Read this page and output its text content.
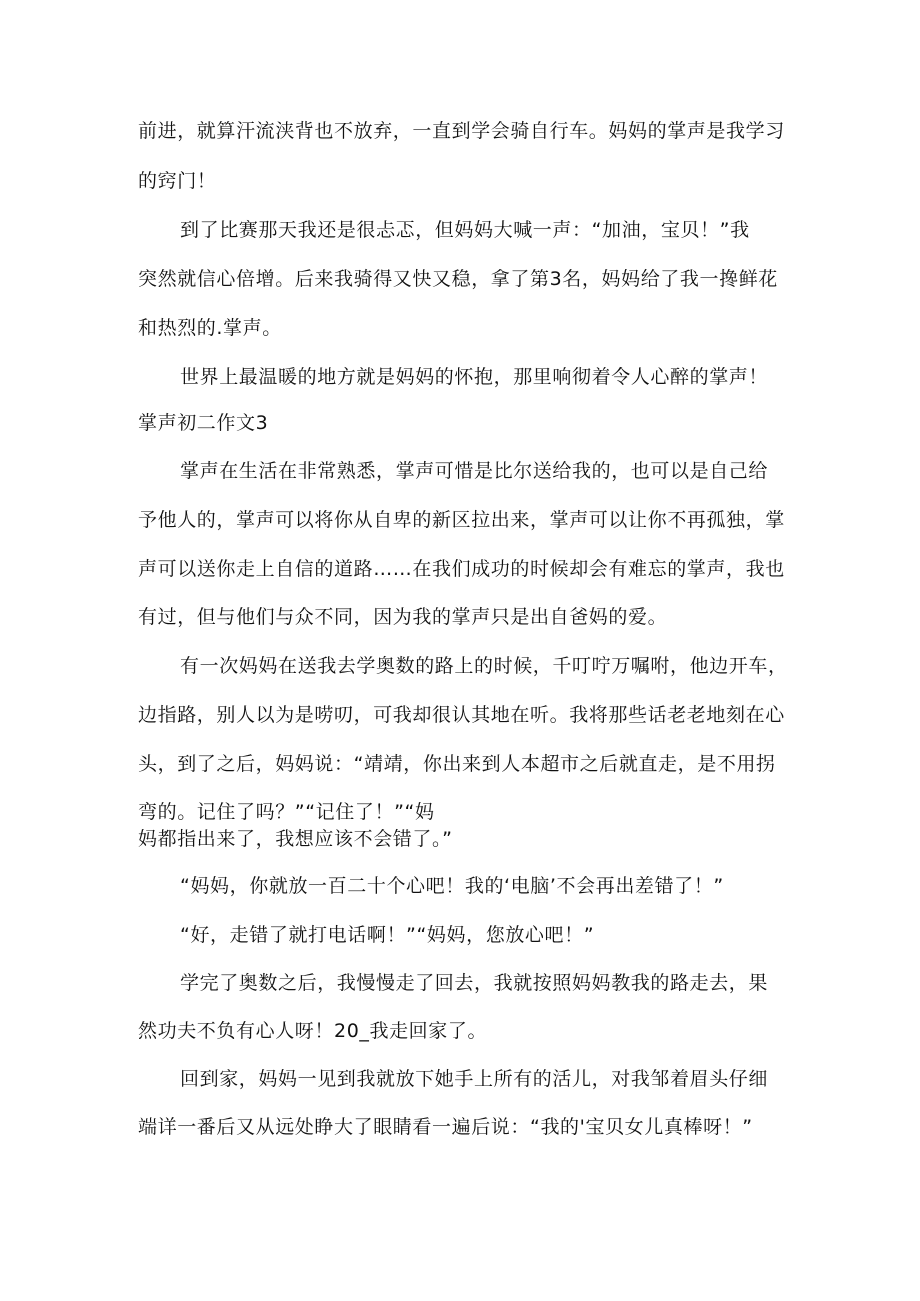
前进，就算汗流浃背也不放弃，一直到学会骑自行车。妈妈的掌声是我学习
的窍门！
到了比赛那天我还是很忐忑，但妈妈大喊一声：“加油，宝贝！”我
突然就信心倍增。后来我骑得又快又稳，拿了第3名，妈妈给了我一搀鲜花
和热烈的.掌声。
世界上最温暖的地方就是妈妈的怀抱，那里响彻着令人心醉的掌声！
掌声初二作文3
掌声在生活在非常熟悉，掌声可惜是比尔送给我的，也可以是自己给
予他人的，掌声可以将你从自卑的新区拉出来，掌声可以让你不再孤独，掌
声可以送你走上自信的道路……在我们成功的时候却会有难忘的掌声，我也
有过，但与他们与众不同，因为我的掌声只是出自爸妈的爱。
有一次妈妈在送我去学奥数的路上的时候，千叮咛万嘱咐，他边开车，
边指路，别人以为是唠叨，可我却很认其地在听。我将那些话老老地刻在心
头，到了之后，妈妈说：“靖靖，你出来到人本超市之后就直走，是不用拐
弯的。记住了吗？”“记住了！”“妈
妈都指出来了，我想应该不会错了。”
“妈妈，你就放一百二十个心吧！我的‘电脑’不会再出差错了！”
“好，走错了就打电话啊！”“妈妈，您放心吧！”
学完了奥数之后，我慢慢走了回去，我就按照妈妈教我的路走去，果
然功夫不负有心人呀！20_我走回家了。
回到家，妈妈一见到我就放下她手上所有的活儿，对我邹着眉头仔细
端详一番后又从远处睁大了眼睛看一遍后说：“我的'宝贝女儿真棒呀！”
